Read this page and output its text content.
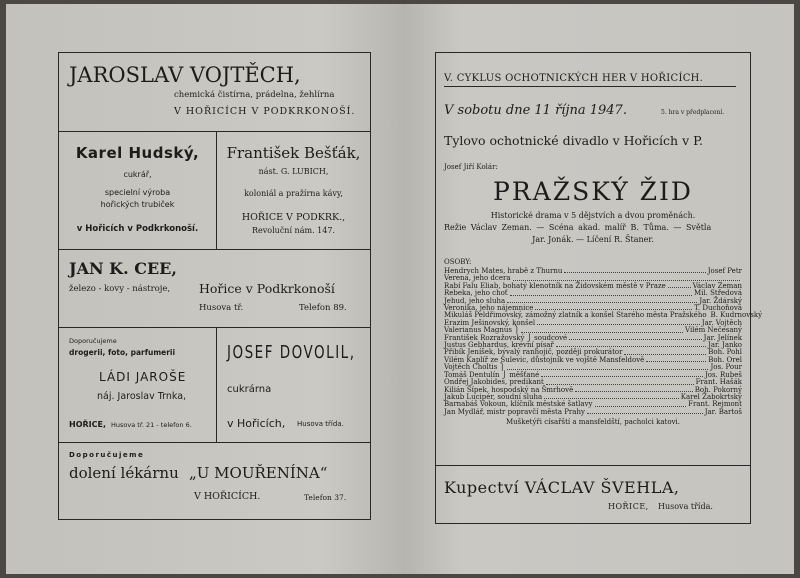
JAROSLAV VOJTĚCH,
chemická čistírna, prádelna, žehlírna
V HOŘICÍCH V PODKRKONOŠÍ.
Karel Hudský,
cukrář,
specielní výroba
hořických trubiček
v Hořicích v Podkrkonoší.
František Bešťák,
nást. G. LUBICH,
koloniál a pražírna kávy,
HOŘICE V PODKRK.,
Revoluční nám. 147.
JAN K. CEE,
železo - kovy - nástroje, Hořice v Podkrkonoší
Husova tř.	Telefon 89.
Doporučujeme
drogerii, foto, parfumerii
LÁDI JAROŠE
náj. Jaroslav Trnka,
HOŘICE, Husova tř. 21 - telefon 6.
JOSEF DOVOLIL,
cukrárna
v Hořicích, Husova třída.
Doporučujeme
dolení lékárnu „U MOUŘENÍNA“
V HOŘICÍCH.	Telefon 37.
V. CYKLUS OCHOTNICKÝCH HER V HOŘICÍCH.
V sobotu dne 11 října 1947.	5. hra v předplacení.
Tylovo ochotnické divadlo v Hořicích v P.
Josef Jiří Kolár:
PRAŽSKÝ ŽID
Historické drama v 5 dějstvích a dvou proměnách.
Režie Václav Zeman. — Scéna akad. malíř B. Tůma. — Světla
Jar. Jonák. — Líčení R. Štaner.
OSOBY:
Hendrych Mates, hrabě z Thurnu	Josef Petr
Verena, jeho dcera
Rabí Falu Eliab, bohatý klenotník na Židovském městě v Praze	Václav Zeman
Rebeka, jeho choť	Mil. Středová
Jehud, jeho sluha	Jar. Ždárský
Veronika, jeho nájemnice	T. Duchoňová
Mikuláš Peldřimovský, zámožný zlatník a konšel Starého města Pražského B. Kudrnovský
Erazim Ješinovský, konšel	Jar. Vojtěch
Valerianus Magnus ⎫	Vilém Nečesaný
František Rozražovský ⎭ soudcové	Jar. Jelínek
Justus Gebhardus, krevní písař	Jar. Janko
Přibík Jeníšek, bývalý ranhojič, později prokurátor	Boh. Pohl
Vilém Kaplíř ze Sulevic, důstojník ve vojště Mansfeldově	Boh. Orel
Vojtěch Choltis ⎫	Jos. Pour
Tomáš Dentulín ⎭ měšťané	Jos. Rubeš
Ondřej Jakobides, predikant	Frant. Hašák
Kilián Šípek, hospodský na Šmrhově	Boh. Pokorný
Jakub Lucipér, soudní sluha	Karel Žabokrtský
Barnabáš Vokoun, klíčník městské šatlavy	Frant. Rejmont
Jan Mydlář, mistr popravčí města Prahy	Jar. Bartoš
Mušketýři císařští a mansfeldští, pacholci katovi.
Kupectví VÁCLAV ŠVEHLA,
HOŘICE, Husova třída.
